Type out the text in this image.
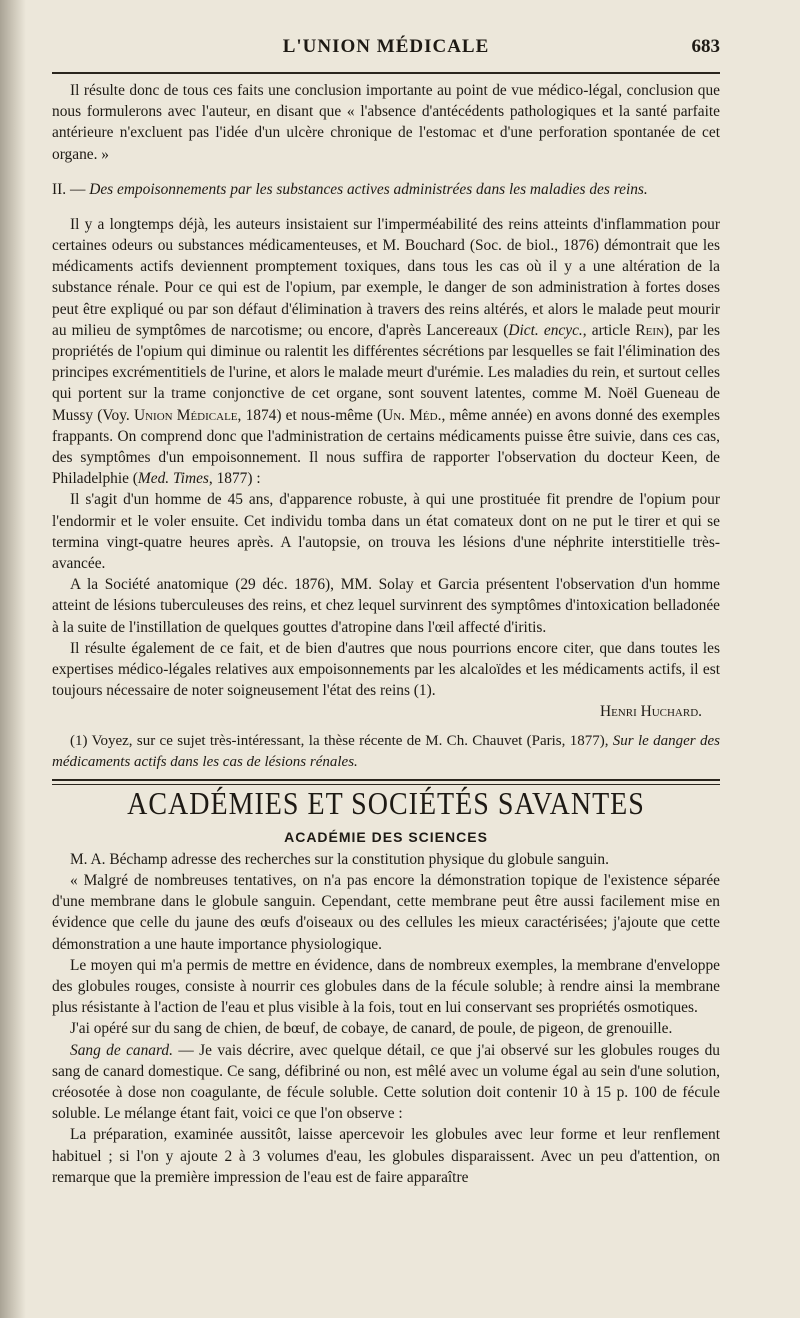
L'UNION MÉDICALE	683

Il résulte donc de tous ces faits une conclusion importante au point de vue médico-légal, conclusion que nous formulerons avec l'auteur, en disant que « l'absence d'antécédents pathologiques et la santé parfaite antérieure n'excluent pas l'idée d'un ulcère chronique de l'estomac et d'une perforation spontanée de cet organe. »

II. — Des empoisonnements par les substances actives administrées dans les maladies des reins.

Il y a longtemps déjà, les auteurs insistaient sur l'imperméabilité des reins atteints d'inflammation pour certaines odeurs ou substances médicamenteuses, et M. Bouchard (Soc. de biol., 1876) démontrait que les médicaments actifs deviennent promptement toxiques, dans tous les cas où il y a une altération de la substance rénale. Pour ce qui est de l'opium, par exemple, le danger de son administration à fortes doses peut être expliqué ou par son défaut d'élimination à travers des reins altérés, et alors le malade peut mourir au milieu de symptômes de narcotisme; ou encore, d'après Lancereaux (Dict. encyc., article Rein), par les propriétés de l'opium qui diminue ou ralentit les différentes sécrétions par lesquelles se fait l'élimination des principes excrémentitiels de l'urine, et alors le malade meurt d'urémie. Les maladies du rein, et surtout celles qui portent sur la trame conjonctive de cet organe, sont souvent latentes, comme M. Noël Gueneau de Mussy (Voy. Union Médicale, 1874) et nous-même (Un. Méd., même année) en avons donné des exemples frappants. On comprend donc que l'administration de certains médicaments puisse être suivie, dans ces cas, des symptômes d'un empoisonnement. Il nous suffira de rapporter l'observation du docteur Keen, de Philadelphie (Med. Times, 1877) :

Il s'agit d'un homme de 45 ans, d'apparence robuste, à qui une prostituée fit prendre de l'opium pour l'endormir et le voler ensuite. Cet individu tomba dans un état comateux dont on ne put le tirer et qui se termina vingt-quatre heures après. A l'autopsie, on trouva les lésions d'une néphrite interstitielle très-avancée.

A la Société anatomique (29 déc. 1876), MM. Solay et Garcia présentent l'observation d'un homme atteint de lésions tuberculeuses des reins, et chez lequel survinrent des symptômes d'intoxication belladonée à la suite de l'instillation de quelques gouttes d'atropine dans l'œil affecté d'iritis.

Il résulte également de ce fait, et de bien d'autres que nous pourrions encore citer, que dans toutes les expertises médico-légales relatives aux empoisonnements par les alcaloïdes et les médicaments actifs, il est toujours nécessaire de noter soigneusement l'état des reins (1).

Henri Huchard.

(1) Voyez, sur ce sujet très-intéressant, la thèse récente de M. Ch. Chauvet (Paris, 1877), Sur le danger des médicaments actifs dans les cas de lésions rénales.

ACADÉMIES ET SOCIÉTÉS SAVANTES
ACADÉMIE DES SCIENCES

M. A. Béchamp adresse des recherches sur la constitution physique du globule sanguin.

« Malgré de nombreuses tentatives, on n'a pas encore la démonstration topique de l'existence séparée d'une membrane dans le globule sanguin. Cependant, cette membrane peut être aussi facilement mise en évidence que celle du jaune des œufs d'oiseaux ou des cellules les mieux caractérisées; j'ajoute que cette démonstration a une haute importance physiologique.

Le moyen qui m'a permis de mettre en évidence, dans de nombreux exemples, la membrane d'enveloppe des globules rouges, consiste à nourrir ces globules dans de la fécule soluble; à rendre ainsi la membrane plus résistante à l'action de l'eau et plus visible à la fois, tout en lui conservant ses propriétés osmotiques.

J'ai opéré sur du sang de chien, de bœuf, de cobaye, de canard, de poule, de pigeon, de grenouille.

Sang de canard. — Je vais décrire, avec quelque détail, ce que j'ai observé sur les globules rouges du sang de canard domestique. Ce sang, défibriné ou non, est mêlé avec un volume égal au sein d'une solution, créosotée à dose non coagulante, de fécule soluble. Cette solution doit contenir 10 à 15 p. 100 de fécule soluble. Le mélange étant fait, voici ce que l'on observe :

La préparation, examinée aussitôt, laisse apercevoir les globules avec leur forme et leur renflement habituel ; si l'on y ajoute 2 à 3 volumes d'eau, les globules disparaissent. Avec un peu d'attention, on remarque que la première impression de l'eau est de faire apparaître
